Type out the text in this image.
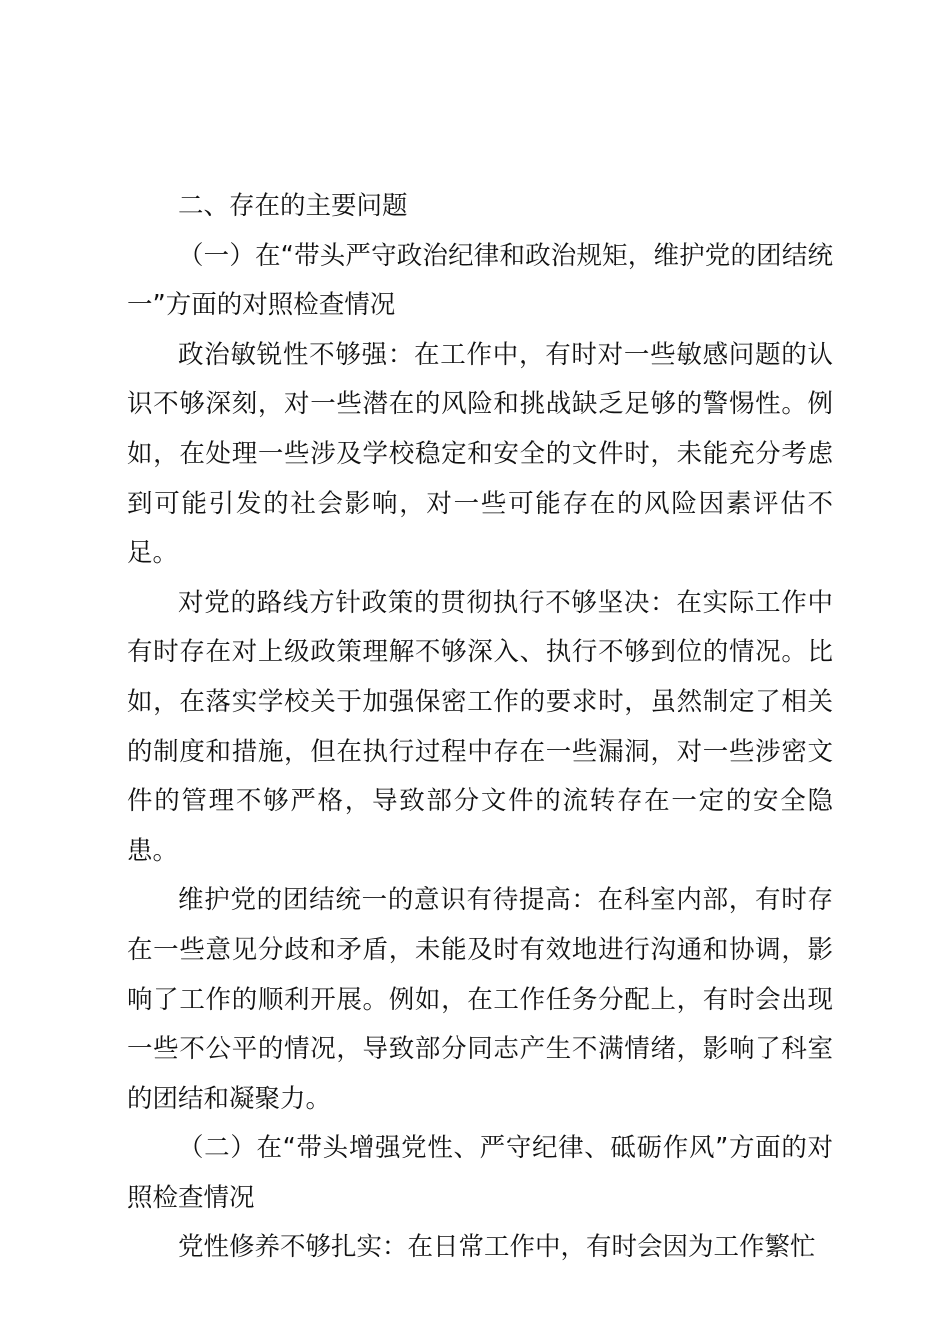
二、存在的主要问题

（一）在“带头严守政治纪律和政治规矩，维护党的团结统一”方面的对照检查情况

政治敏锐性不够强：在工作中，有时对一些敏感问题的认识不够深刻，对一些潜在的风险和挑战缺乏足够的警惕性。例如，在处理一些涉及学校稳定和安全的文件时，未能充分考虑到可能引发的社会影响，对一些可能存在的风险因素评估不足。

对党的路线方针政策的贯彻执行不够坚决：在实际工作中有时存在对上级政策理解不够深入、执行不够到位的情况。比如，在落实学校关于加强保密工作的要求时，虽然制定了相关的制度和措施，但在执行过程中存在一些漏洞，对一些涉密文件的管理不够严格，导致部分文件的流转存在一定的安全隐患。

维护党的团结统一的意识有待提高：在科室内部，有时存在一些意见分歧和矛盾，未能及时有效地进行沟通和协调，影响了工作的顺利开展。例如，在工作任务分配上，有时会出现一些不公平的情况，导致部分同志产生不满情绪，影响了科室的团结和凝聚力。

（二）在“带头增强党性、严守纪律、砥砺作风”方面的对照检查情况

党性修养不够扎实：在日常工作中，有时会因为工作繁忙
